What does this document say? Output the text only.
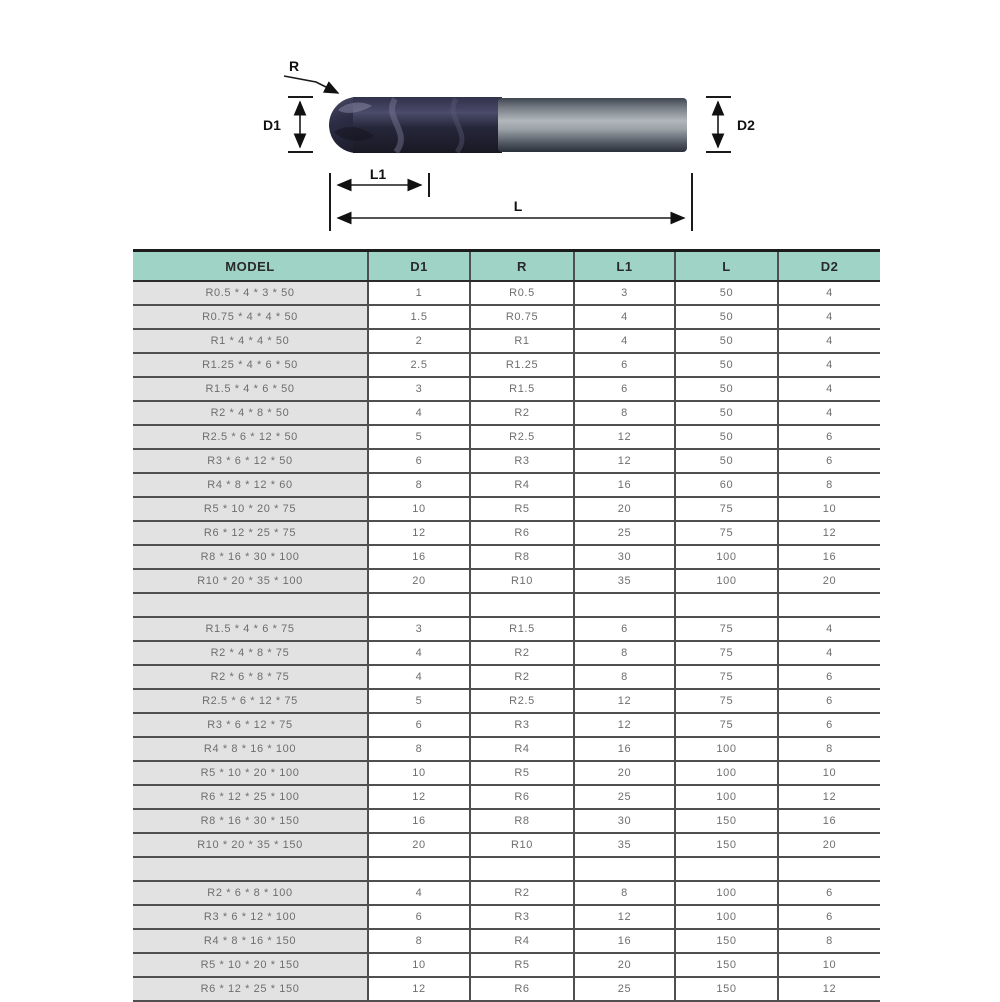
R
D1	D2
L1
L
MODEL	D1	R	L1	L	D2
R0.5 * 4 * 3 * 50	1	R0.5	3	50	4
R0.75 * 4 * 4 * 50	1.5	R0.75	4	50	4
R1 * 4 * 4 * 50	2	R1	4	50	4
R1.25 * 4 * 6 * 50	2.5	R1.25	6	50	4
R1.5 * 4 * 6 * 50	3	R1.5	6	50	4
R2 * 4 * 8 * 50	4	R2	8	50	4
R2.5 * 6 * 12 * 50	5	R2.5	12	50	6
R3 * 6 * 12 * 50	6	R3	12	50	6
R4 * 8 * 12 * 60	8	R4	16	60	8
R5 * 10 * 20 * 75	10	R5	20	75	10
R6 * 12 * 25 * 75	12	R6	25	75	12
R8 * 16 * 30 * 100	16	R8	30	100	16
R10 * 20 * 35 * 100	20	R10	35	100	20

R1.5 * 4 * 6 * 75	3	R1.5	6	75	4
R2 * 4 * 8 * 75	4	R2	8	75	4
R2 * 6 * 8 * 75	4	R2	8	75	6
R2.5 * 6 * 12 * 75	5	R2.5	12	75	6
R3 * 6 * 12 * 75	6	R3	12	75	6
R4 * 8 * 16 * 100	8	R4	16	100	8
R5 * 10 * 20 * 100	10	R5	20	100	10
R6 * 12 * 25 * 100	12	R6	25	100	12
R8 * 16 * 30 * 150	16	R8	30	150	16
R10 * 20 * 35 * 150	20	R10	35	150	20

R2 * 6 * 8 * 100	4	R2	8	100	6
R3 * 6 * 12 * 100	6	R3	12	100	6
R4 * 8 * 16 * 150	8	R4	16	150	8
R5 * 10 * 20 * 150	10	R5	20	150	10
R6 * 12 * 25 * 150	12	R6	25	150	12
